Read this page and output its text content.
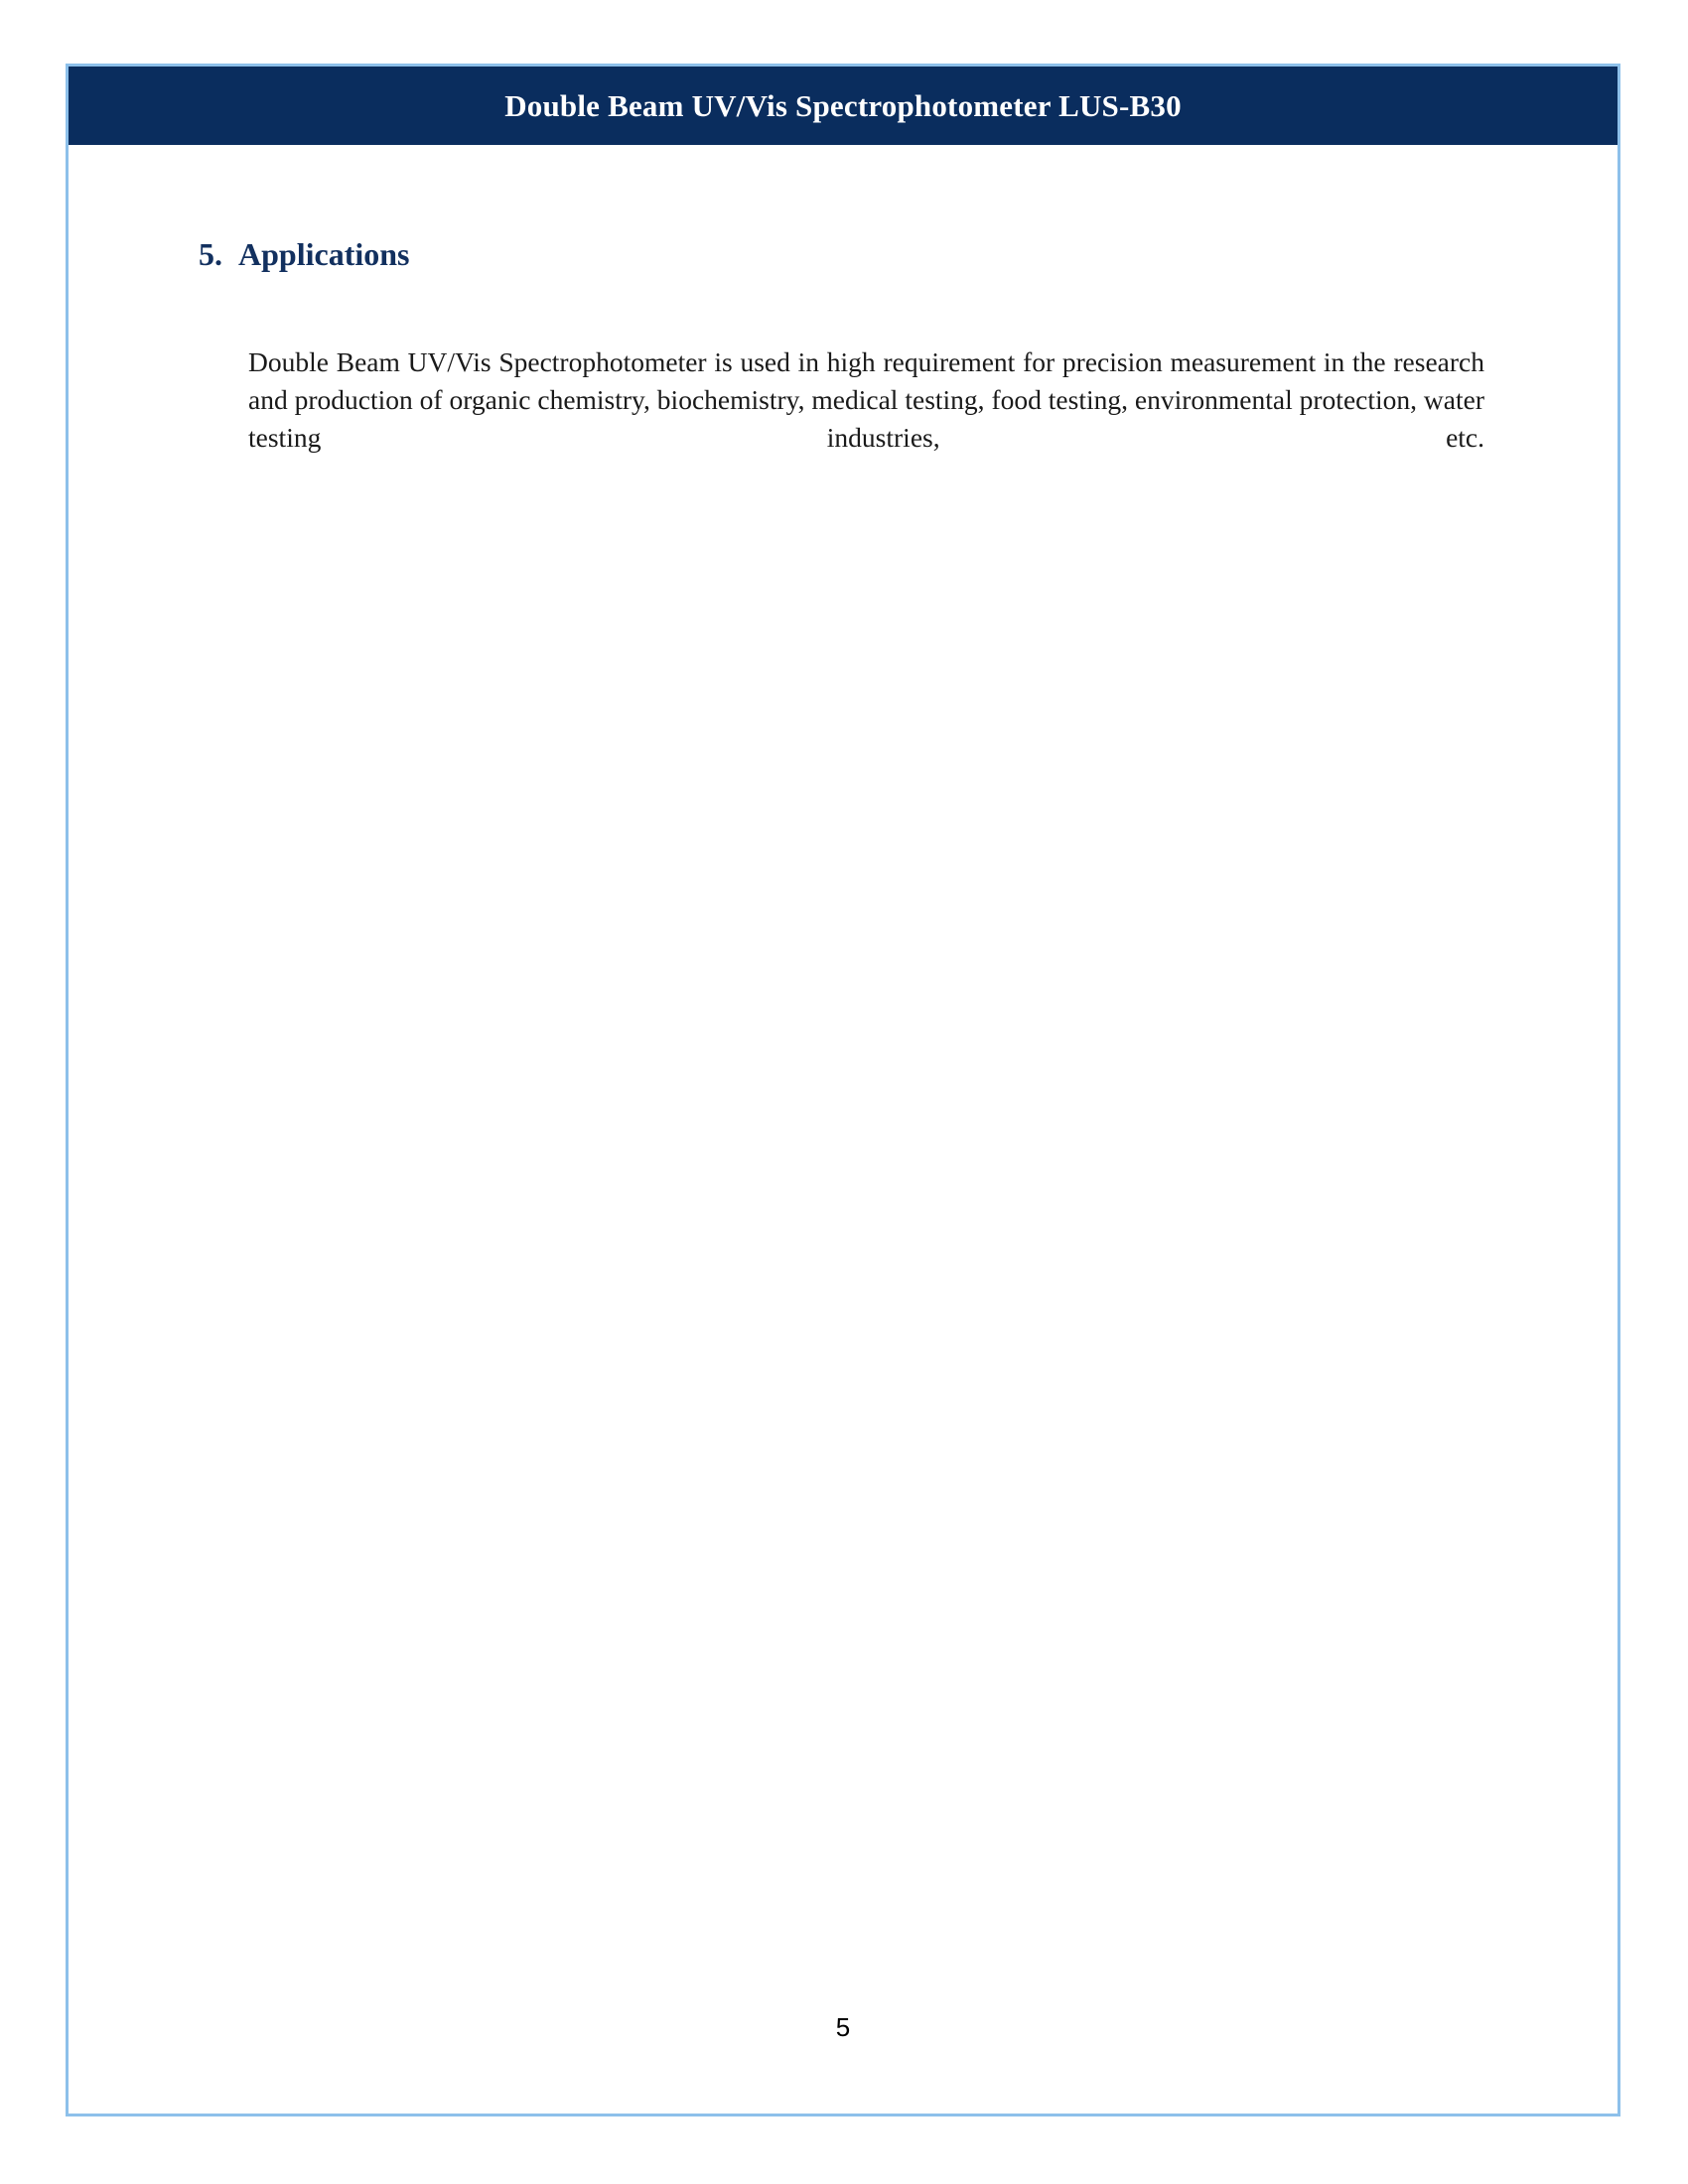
Double Beam UV/Vis Spectrophotometer LUS-B30
5. Applications

Double Beam UV/Vis Spectrophotometer is used in high requirement for precision measurement in the research and production of organic chemistry, biochemistry, medical testing, food testing, environmental protection, water testing industries, etc.

5
